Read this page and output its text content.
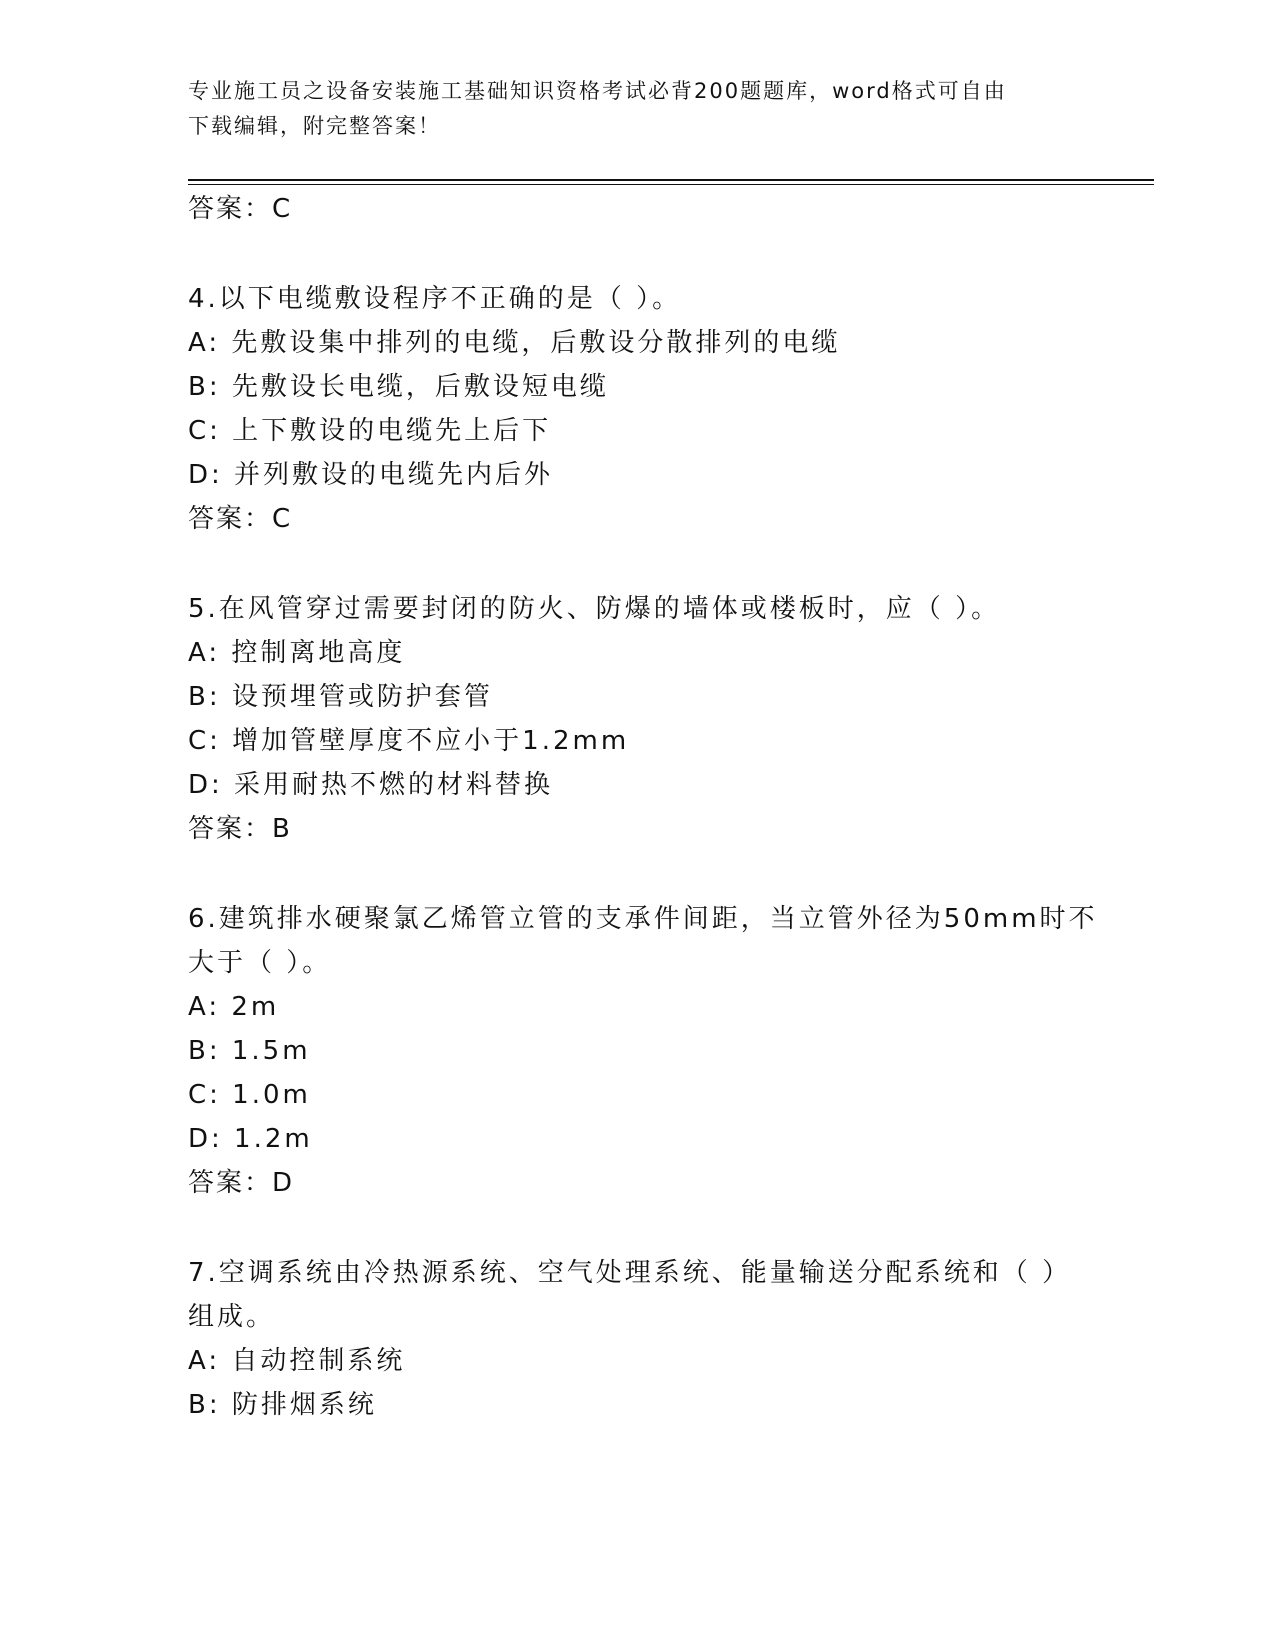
专业施工员之设备安装施工基础知识资格考试必背200题题库，word格式可自由
下载编辑，附完整答案！
答案：C
4.以下电缆敷设程序不正确的是（ ）。
A: 先敷设集中排列的电缆，后敷设分散排列的电缆
B: 先敷设长电缆，后敷设短电缆
C: 上下敷设的电缆先上后下
D: 并列敷设的电缆先内后外
答案：C
5.在风管穿过需要封闭的防火、防爆的墙体或楼板时，应（ ）。
A: 控制离地高度
B: 设预埋管或防护套管
C: 增加管壁厚度不应小于1.2mm
D: 采用耐热不燃的材料替换
答案：B
6.建筑排水硬聚氯乙烯管立管的支承件间距，当立管外径为50mm时不
大于（ ）。
A: 2m
B: 1.5m
C: 1.0m
D: 1.2m
答案：D
7.空调系统由冷热源系统、空气处理系统、能量输送分配系统和（ ）
组成。
A: 自动控制系统
B: 防排烟系统
